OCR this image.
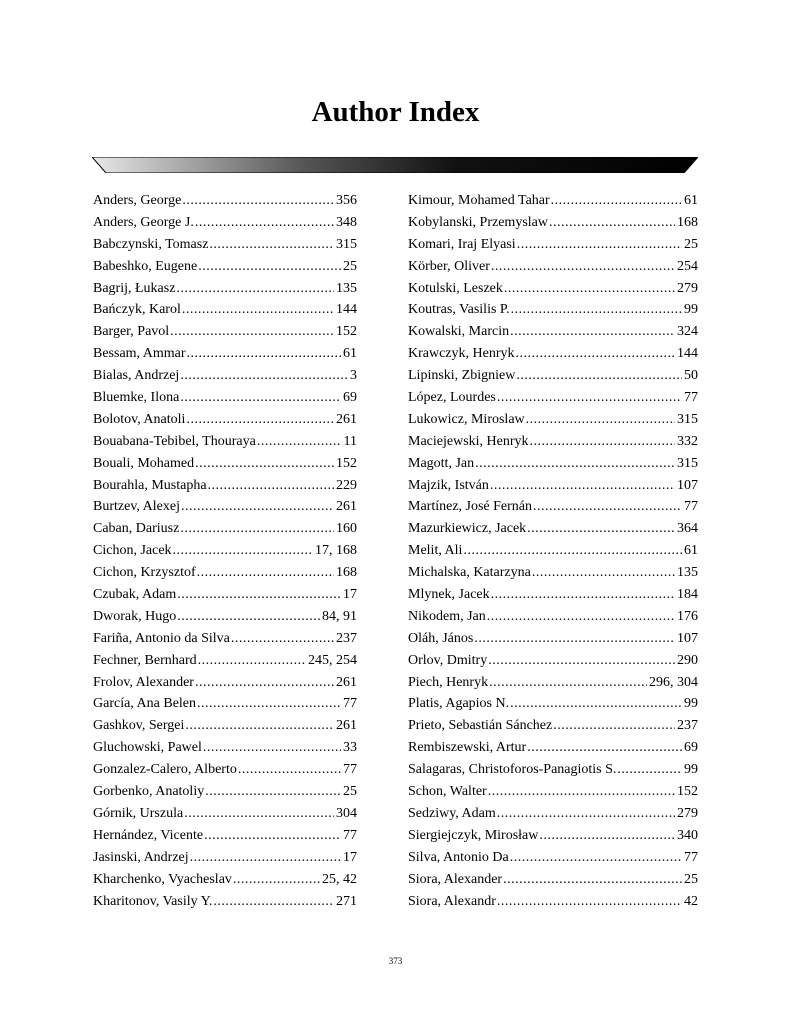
Author Index
Anders, George .....	356
Anders, George J. .....	348
Babczynski, Tomasz .....	315
Babeshko, Eugene .....	25
Bagrij, Łukasz .....	135
Bańczyk, Karol .....	144
Barger, Pavol .....	152
Bessam, Ammar .....	61
Bialas, Andrzej .....	3
Bluemke, Ilona .....	69
Bolotov, Anatoli .....	261
Bouabana-Tebibel, Thouraya .....	11
Bouali, Mohamed .....	152
Bourahla, Mustapha .....	229
Burtzev, Alexej .....	261
Caban, Dariusz .....	160
Cichon, Jacek .....	17, 168
Cichon, Krzysztof .....	168
Czubak, Adam .....	17
Dworak, Hugo .....	84, 91
Fariña, Antonio da Silva .....	237
Fechner, Bernhard .....	245, 254
Frolov, Alexander .....	261
García, Ana Belen .....	77
Gashkov, Sergei .....	261
Gluchowski, Pawel .....	33
Gonzalez-Calero, Alberto .....	77
Gorbenko, Anatoliy .....	25
Górnik, Urszula .....	304
Hernández, Vicente .....	77
Jasinski, Andrzej .....	17
Kharchenko, Vyacheslav .....	25, 42
Kharitonov, Vasily Y. .....	271
Kimour, Mohamed Tahar .....	61
Kobylanski, Przemyslaw .....	168
Komari, Iraj Elyasi .....	25
Körber, Oliver .....	254
Kotulski, Leszek .....	279
Koutras, Vasilis P. .....	99
Kowalski, Marcin .....	324
Krawczyk, Henryk .....	144
Lipinski, Zbigniew .....	50
López, Lourdes .....	77
Lukowicz, Miroslaw .....	315
Maciejewski, Henryk .....	332
Magott, Jan .....	315
Majzik, István .....	107
Martínez, José Fernán .....	77
Mazurkiewicz, Jacek .....	364
Melit, Ali .....	61
Michalska, Katarzyna .....	135
Mlynek, Jacek .....	184
Nikodem, Jan .....	176
Oláh, János .....	107
Orlov, Dmitry .....	290
Piech, Henryk .....	296, 304
Platis, Agapios N. .....	99
Prieto, Sebastián Sánchez .....	237
Rembiszewski, Artur .....	69
Salagaras, Christoforos-Panagiotis S. .....	99
Schon, Walter .....	152
Sedziwy, Adam .....	279
Siergiejczyk, Mirosław .....	340
Silva, Antonio Da .....	77
Siora, Alexander .....	25
Siora, Alexandr .....	42
373
